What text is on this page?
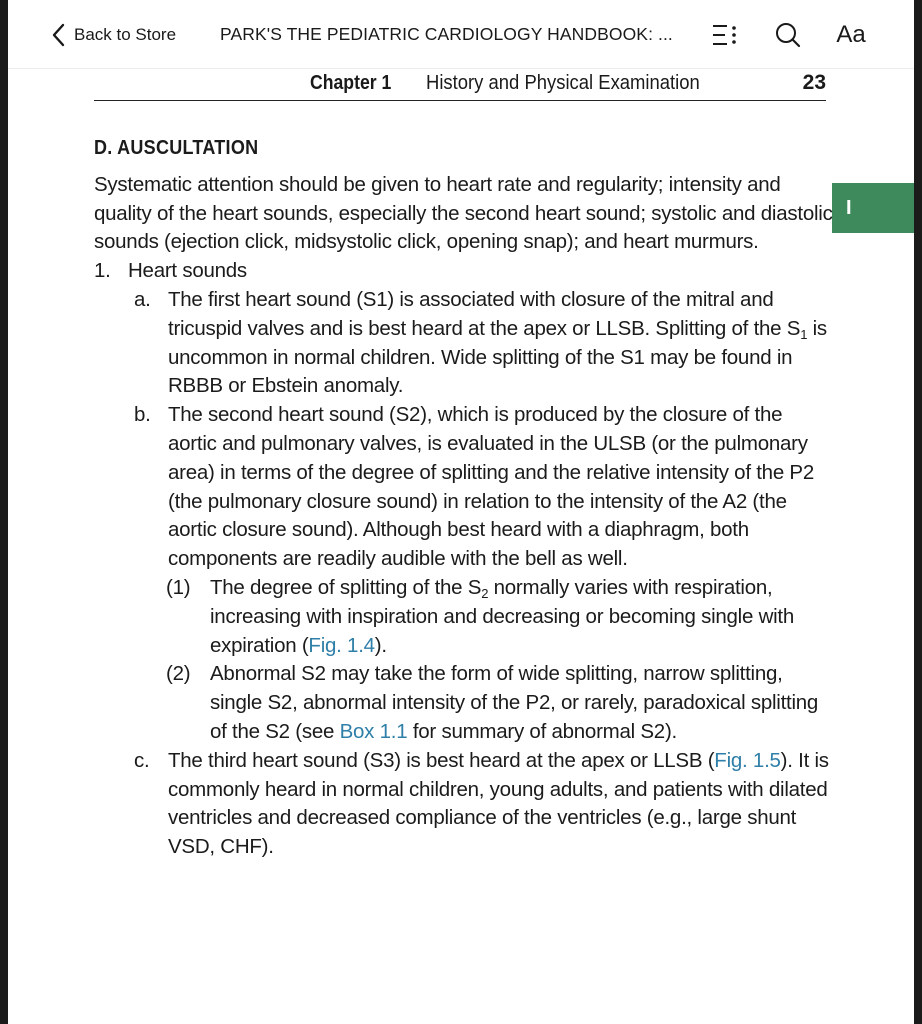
Back to Store	PARK'S THE PEDIATRIC CARDIOLOGY HANDBOOK: ...	Aa
Chapter 1 History and Physical Examination	23
I
D. AUSCULTATION

Systematic attention should be given to heart rate and regularity; intensity and quality of the heart sounds, especially the second heart sound; systolic and diastolic sounds (ejection click, midsystolic click, opening snap); and heart murmurs.

1. Heart sounds
a. The first heart sound (S1) is associated with closure of the mitral and tricuspid valves and is best heard at the apex or LLSB. Splitting of the $S_1$ is uncommon in normal children. Wide splitting of the S1 may be found in RBBB or Ebstein anomaly.
b. The second heart sound (S2), which is produced by the closure of the aortic and pulmonary valves, is evaluated in the ULSB (or the pulmonary area) in terms of the degree of splitting and the relative intensity of the P2 (the pulmonary closure sound) in relation to the intensity of the A2 (the aortic closure sound). Although best heard with a diaphragm, both components are readily audible with the bell as well.
(1) The degree of splitting of the $S_2$ normally varies with respiration, increasing with inspiration and decreasing or becoming single with expiration (Fig. 1.4).
(2) Abnormal S2 may take the form of wide splitting, narrow splitting, single S2, abnormal intensity of the P2, or rarely, paradoxical splitting of the S2 (see Box 1.1 for summary of abnormal S2).
c. The third heart sound (S3) is best heard at the apex or LLSB (Fig. 1.5). It is commonly heard in normal children, young adults, and patients with dilated ventricles and decreased compliance of the ventricles (e.g., large shunt VSD, CHF).
